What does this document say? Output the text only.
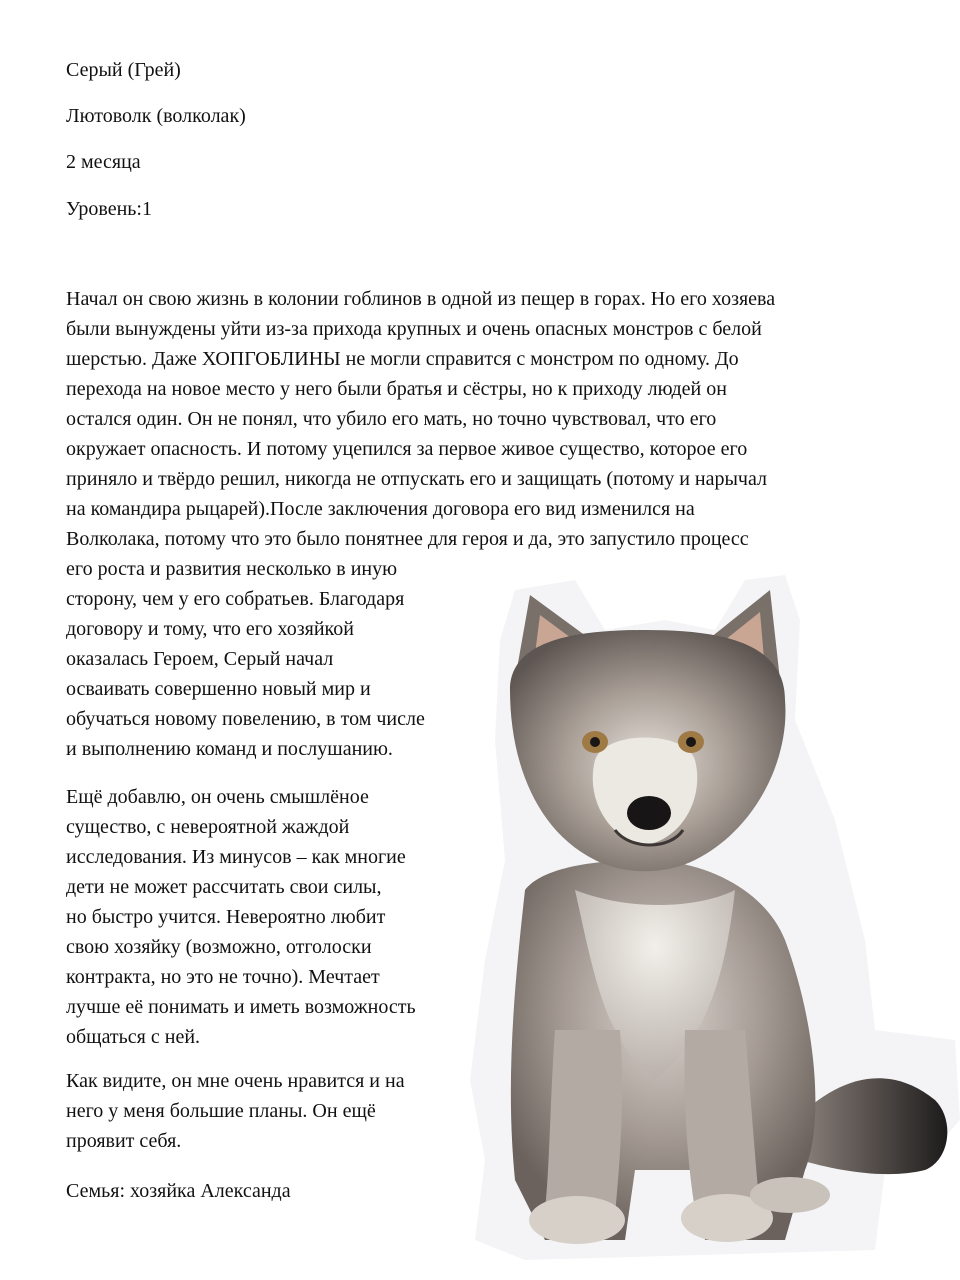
Серый (Грей)
Лютоволк (волколак)
2 месяца
Уровень:1
Начал он свою жизнь в колонии гоблинов в одной из пещер в горах. Но его хозяева
были вынуждены уйти из-за прихода крупных и очень опасных монстров с белой
шерстью. Даже ХОПГОБЛИНЫ не могли справится с монстром по одному. До
перехода на новое место у него были братья и сёстры, но к приходу людей он
остался один. Он не понял, что убило его мать, но точно чувствовал, что его
окружает опасность. И потому уцепился за первое живое существо, которое его
приняло и твёрдо решил, никогда не отпускать его и защищать (потому и нарычал
на командира рыцарей).После заключения договора его вид изменился на
Волколака, потому что это было понятнее для героя и да, это запустило процесс
его роста и развития несколько в иную
сторону, чем у его собратьев. Благодаря
договору и тому, что его хозяйкой
оказалась Героем, Серый начал
осваивать совершенно новый мир и
обучаться новому повелению, в том числе
и выполнению команд и послушанию.
Ещё добавлю, он очень смышлёное
существо, с невероятной жаждой
исследования. Из минусов – как многие
дети не может рассчитать свои силы,
но быстро учится. Невероятно любит
свою хозяйку (возможно, отголоски
контракта, но это не точно). Мечтает
лучше её понимать и иметь возможность
общаться с ней.
Как видите, он мне очень нравится и на
него у меня большие планы. Он ещё
проявит себя.
Семья: хозяйка Александа
